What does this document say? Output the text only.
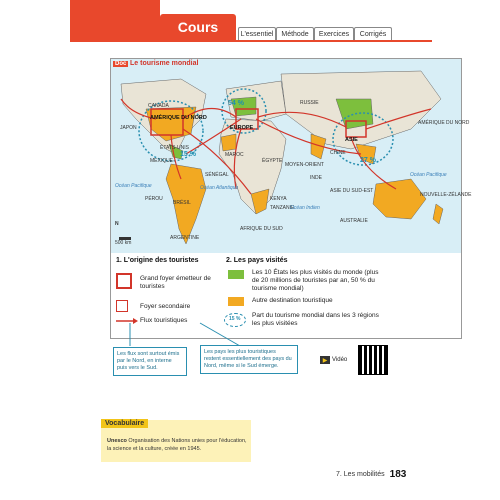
Cours	L'essentiel	Méthode	Exercices	Corrigés
Doc Le tourisme mondial
AMÉRIQUE DU NORD
EUROPE
ASIE
54 %
15 %
27 %
CANADA
JAPON
ÉTATS-UNIS
MEXIQUE
BRÉSIL
PÉROU
ARGENTINE
SÉNÉGAL
MAROC
ÉGYPTE
MOYEN-ORIENT
RUSSIE
CHINE
INDE
ASIE DU SUD-EST
AUSTRALIE
NOUVELLE-ZÉLANDE
AFRIQUE DU SUD
KENYA
TANZANIE
AMÉRIQUE DU NORD
Océan Atlantique
Océan Pacifique
Océan Indien
Océan Pacifique
N
500 km
1. L'origine des touristes
Grand foyer émetteur de touristes
Foyer secondaire
Flux touristiques
2. Les pays visités
Les 10 États les plus visités du monde (plus de 20 millions de touristes par an, 50 % du tourisme mondial)
Autre destination touristique
15 % Part du tourisme mondial dans les 3 régions les plus visitées
Les flux sont surtout émis par le Nord, en interne puis vers le Sud.
Les pays les plus touristiques restent essentiellement des pays du Nord, même si le Sud émerge.
▶ Vidéo
Vocabulaire
Unesco Organisation des Nations unies pour l'éducation, la science et la culture, créée en 1945.
7. Les mobilités 183
